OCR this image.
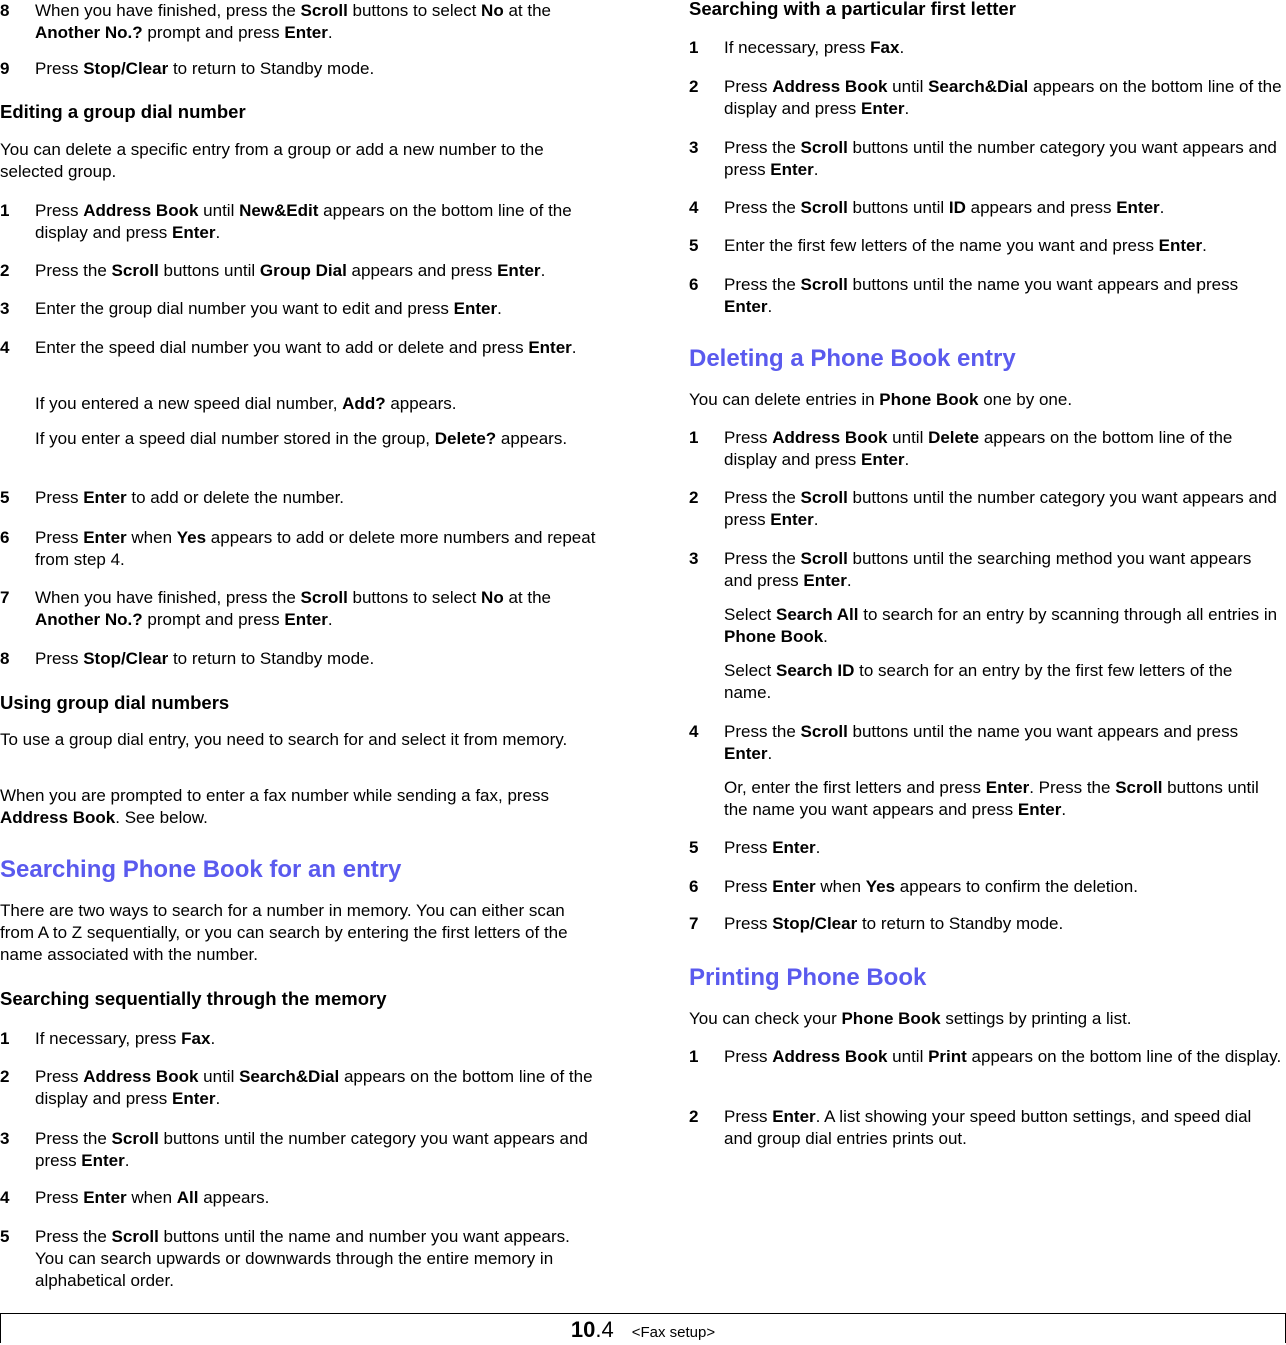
8 When you have finished, press the Scroll buttons to select No at the Another No.? prompt and press Enter.
9 Press Stop/Clear to return to Standby mode.
Editing a group dial number
You can delete a specific entry from a group or add a new number to the selected group.
1 Press Address Book until New&Edit appears on the bottom line of the display and press Enter.
2 Press the Scroll buttons until Group Dial appears and press Enter.
3 Enter the group dial number you want to edit and press Enter.
4 Enter the speed dial number you want to add or delete and press Enter.
If you entered a new speed dial number, Add? appears.
If you enter a speed dial number stored in the group, Delete? appears.
5 Press Enter to add or delete the number.
6 Press Enter when Yes appears to add or delete more numbers and repeat from step 4.
7 When you have finished, press the Scroll buttons to select No at the Another No.? prompt and press Enter.
8 Press Stop/Clear to return to Standby mode.
Using group dial numbers
To use a group dial entry, you need to search for and select it from memory.
When you are prompted to enter a fax number while sending a fax, press Address Book. See below.
Searching Phone Book for an entry
There are two ways to search for a number in memory. You can either scan from A to Z sequentially, or you can search by entering the first letters of the name associated with the number.
Searching sequentially through the memory
1 If necessary, press Fax.
2 Press Address Book until Search&Dial appears on the bottom line of the display and press Enter.
3 Press the Scroll buttons until the number category you want appears and press Enter.
4 Press Enter when All appears.
5 Press the Scroll buttons until the name and number you want appears. You can search upwards or downwards through the entire memory in alphabetical order.
Searching with a particular first letter
1 If necessary, press Fax.
2 Press Address Book until Search&Dial appears on the bottom line of the display and press Enter.
3 Press the Scroll buttons until the number category you want appears and press Enter.
4 Press the Scroll buttons until ID appears and press Enter.
5 Enter the first few letters of the name you want and press Enter.
6 Press the Scroll buttons until the name you want appears and press Enter.
Deleting a Phone Book entry
You can delete entries in Phone Book one by one.
1 Press Address Book until Delete appears on the bottom line of the display and press Enter.
2 Press the Scroll buttons until the number category you want appears and press Enter.
3 Press the Scroll buttons until the searching method you want appears and press Enter.
Select Search All to search for an entry by scanning through all entries in Phone Book.
Select Search ID to search for an entry by the first few letters of the name.
4 Press the Scroll buttons until the name you want appears and press Enter.
Or, enter the first letters and press Enter. Press the Scroll buttons until the name you want appears and press Enter.
5 Press Enter.
6 Press Enter when Yes appears to confirm the deletion.
7 Press Stop/Clear to return to Standby mode.
Printing Phone Book
You can check your Phone Book settings by printing a list.
1 Press Address Book until Print appears on the bottom line of the display.
2 Press Enter. A list showing your speed button settings, and speed dial and group dial entries prints out.
10.4 <Fax setup>
